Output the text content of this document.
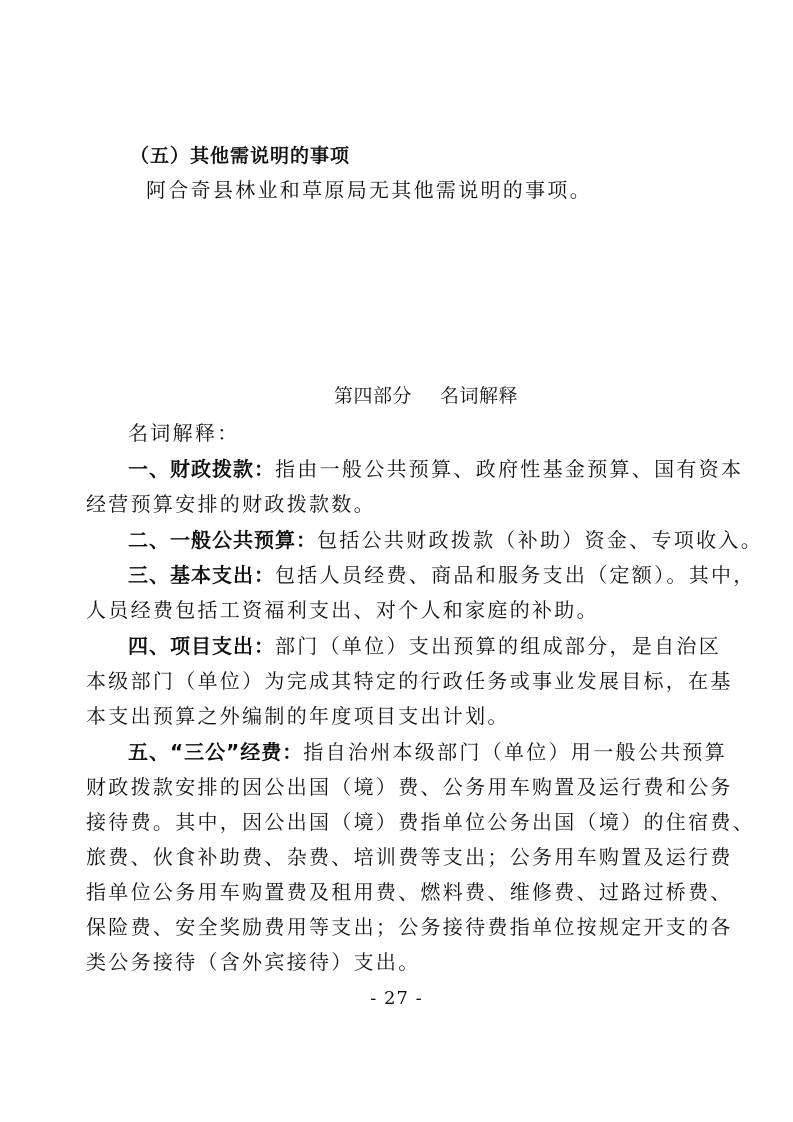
（五）其他需说明的事项
阿合奇县林业和草原局无其他需说明的事项。
第四部分 名词解释
名词解释：
一、财政拨款：指由一般公共预算、政府性基金预算、国有资本
经营预算安排的财政拨款数。
二、一般公共预算：包括公共财政拨款（补助）资金、专项收入。
三、基本支出：包括人员经费、商品和服务支出（定额）。其中，
人员经费包括工资福利支出、对个人和家庭的补助。
四、项目支出：部门（单位）支出预算的组成部分，是自治区
本级部门（单位）为完成其特定的行政任务或事业发展目标，在基
本支出预算之外编制的年度项目支出计划。
五、“三公”经费：指自治州本级部门（单位）用一般公共预算
财政拨款安排的因公出国（境）费、公务用车购置及运行费和公务
接待费。其中，因公出国（境）费指单位公务出国（境）的住宿费、
旅费、伙食补助费、杂费、培训费等支出；公务用车购置及运行费
指单位公务用车购置费及租用费、燃料费、维修费、过路过桥费、
保险费、安全奖励费用等支出；公务接待费指单位按规定开支的各
类公务接待（含外宾接待）支出。
- 27 -
